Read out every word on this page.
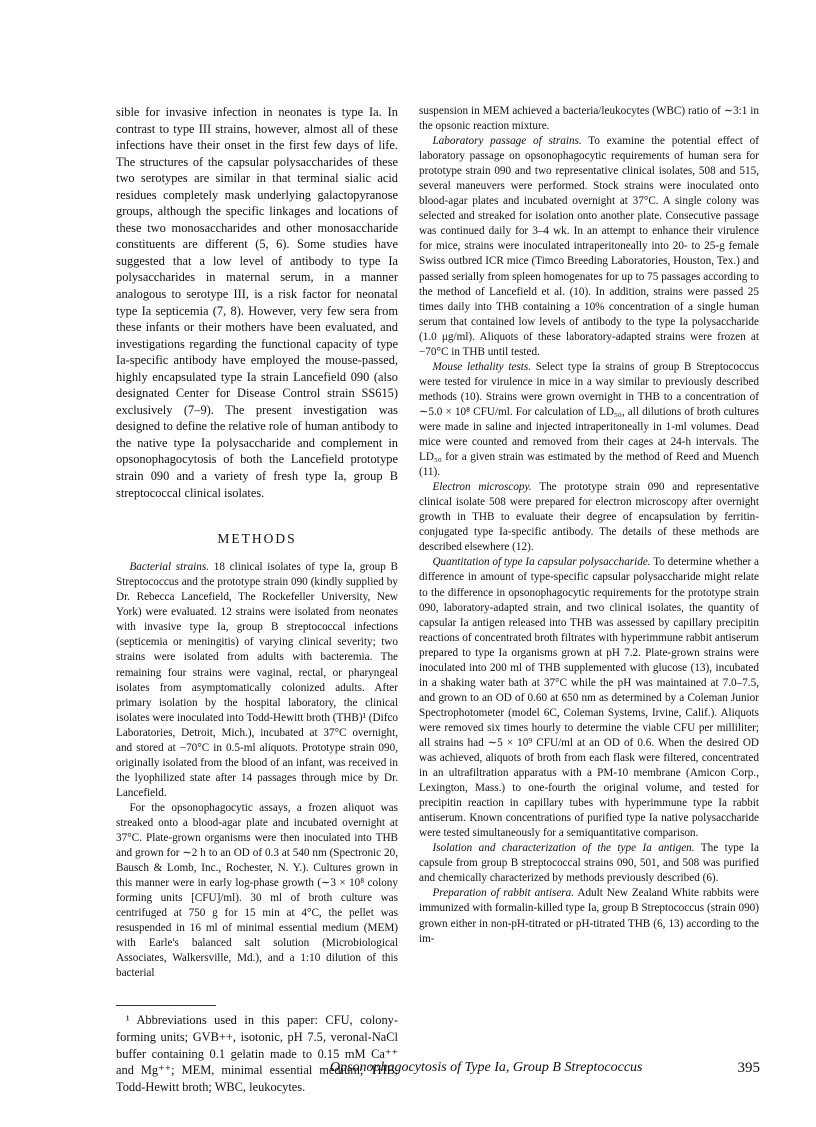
sible for invasive infection in neonates is type Ia. In contrast to type III strains, however, almost all of these infections have their onset in the first few days of life. The structures of the capsular polysaccharides of these two serotypes are similar in that terminal sialic acid residues completely mask underlying galactopyranose groups, although the specific linkages and locations of these two monosaccharides and other monosaccharide constituents are different (5, 6). Some studies have suggested that a low level of antibody to type Ia polysaccharides in maternal serum, in a manner analogous to serotype III, is a risk factor for neonatal type Ia septicemia (7, 8). However, very few sera from these infants or their mothers have been evaluated, and investigations regarding the functional capacity of type Ia-specific antibody have employed the mouse-passed, highly encapsulated type Ia strain Lancefield 090 (also designated Center for Disease Control strain SS615) exclusively (7–9). The present investigation was designed to define the relative role of human antibody to the native type Ia polysaccharide and complement in opsonophagocytosis of both the Lancefield prototype strain 090 and a variety of fresh type Ia, group B streptococcal clinical isolates.

METHODS

Bacterial strains. 18 clinical isolates of type Ia, group B Streptococcus and the prototype strain 090 (kindly supplied by Dr. Rebecca Lancefield, The Rockefeller University, New York) were evaluated. 12 strains were isolated from neonates with invasive type Ia, group B streptococcal infections (septicemia or meningitis) of varying clinical severity; two strains were isolated from adults with bacteremia. The remaining four strains were vaginal, rectal, or pharyngeal isolates from asymptomatically colonized adults. After primary isolation by the hospital laboratory, the clinical isolates were inoculated into Todd-Hewitt broth (THB)¹ (Difco Laboratories, Detroit, Mich.), incubated at 37°C overnight, and stored at −70°C in 0.5-ml aliquots. Prototype strain 090, originally isolated from the blood of an infant, was received in the lyophilized state after 14 passages through mice by Dr. Lancefield.

For the opsonophagocytic assays, a frozen aliquot was streaked onto a blood-agar plate and incubated overnight at 37°C. Plate-grown organisms were then inoculated into THB and grown for ∼2 h to an OD of 0.3 at 540 nm (Spectronic 20, Bausch & Lomb, Inc., Rochester, N. Y.). Cultures grown in this manner were in early log-phase growth (∼3 × 10⁸ colony forming units [CFU]/ml). 30 ml of broth culture was centrifuged at 750 g for 15 min at 4°C, the pellet was resuspended in 16 ml of minimal essential medium (MEM) with Earle's balanced salt solution (Microbiological Associates, Walkersville, Md.), and a 1:10 dilution of this bacterial

¹ Abbreviations used in this paper: CFU, colony-forming units; GVB++, isotonic, pH 7.5, veronal-NaCl buffer containing 0.1 gelatin made to 0.15 mM Ca⁺⁺ and Mg⁺⁺; MEM, minimal essential medium; THB, Todd-Hewitt broth; WBC, leukocytes.

suspension in MEM achieved a bacteria/leukocytes (WBC) ratio of ∼3:1 in the opsonic reaction mixture.

Laboratory passage of strains. To examine the potential effect of laboratory passage on opsonophagocytic requirements of human sera for prototype strain 090 and two representative clinical isolates, 508 and 515, several maneuvers were performed. Stock strains were inoculated onto blood-agar plates and incubated overnight at 37°C. A single colony was selected and streaked for isolation onto another plate. Consecutive passage was continued daily for 3–4 wk. In an attempt to enhance their virulence for mice, strains were inoculated intraperitoneally into 20- to 25-g female Swiss outbred ICR mice (Timco Breeding Laboratories, Houston, Tex.) and passed serially from spleen homogenates for up to 75 passages according to the method of Lancefield et al. (10). In addition, strains were passed 25 times daily into THB containing a 10% concentration of a single human serum that contained low levels of antibody to the type Ia polysaccharide (1.0 μg/ml). Aliquots of these laboratory-adapted strains were frozen at −70°C in THB until tested.

Mouse lethality tests. Select type Ia strains of group B Streptococcus were tested for virulence in mice in a way similar to previously described methods (10). Strains were grown overnight in THB to a concentration of ∼5.0 × 10⁸ CFU/ml. For calculation of LD₅₀, all dilutions of broth cultures were made in saline and injected intraperitoneally in 1-ml volumes. Dead mice were counted and removed from their cages at 24-h intervals. The LD₅₀ for a given strain was estimated by the method of Reed and Muench (11).

Electron microscopy. The prototype strain 090 and representative clinical isolate 508 were prepared for electron microscopy after overnight growth in THB to evaluate their degree of encapsulation by ferritin-conjugated type Ia-specific antibody. The details of these methods are described elsewhere (12).

Quantitation of type Ia capsular polysaccharide. To determine whether a difference in amount of type-specific capsular polysaccharide might relate to the difference in opsonophagocytic requirements for the prototype strain 090, laboratory-adapted strain, and two clinical isolates, the quantity of capsular Ia antigen released into THB was assessed by capillary precipitin reactions of concentrated broth filtrates with hyperimmune rabbit antiserum prepared to type Ia organisms grown at pH 7.2. Plate-grown strains were inoculated into 200 ml of THB supplemented with glucose (13), incubated in a shaking water bath at 37°C while the pH was maintained at 7.0–7.5, and grown to an OD of 0.60 at 650 nm as determined by a Coleman Junior Spectrophotometer (model 6C, Coleman Systems, Irvine, Calif.). Aliquots were removed six times hourly to determine the viable CFU per milliliter; all strains had ∼5 × 10⁹ CFU/ml at an OD of 0.6. When the desired OD was achieved, aliquots of broth from each flask were filtered, concentrated in an ultrafiltration apparatus with a PM-10 membrane (Amicon Corp., Lexington, Mass.) to one-fourth the original volume, and tested for precipitin reaction in capillary tubes with hyperimmune type Ia rabbit antiserum. Known concentrations of purified type Ia native polysaccharide were tested simultaneously for a semiquantitative comparison.

Isolation and characterization of the type Ia antigen. The type Ia capsule from group B streptococcal strains 090, 501, and 508 was purified and chemically characterized by methods previously described (6).

Preparation of rabbit antisera. Adult New Zealand White rabbits were immunized with formalin-killed type Ia, group B Streptococcus (strain 090) grown either in non-pH-titrated or pH-titrated THB (6, 13) according to the im-

Opsonophagocytosis of Type Ia, Group B Streptococcus	395
